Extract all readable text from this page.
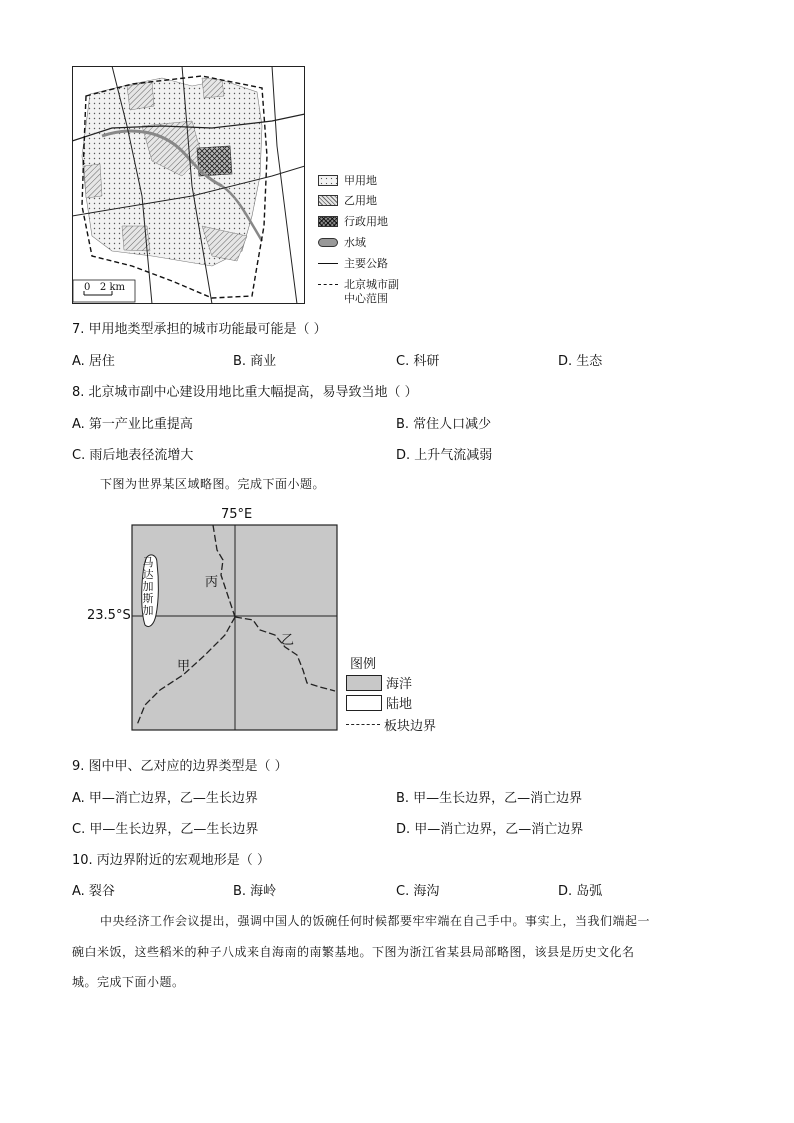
0   2 km
甲用地
乙用地
行政用地
水域
主要公路
北京城市副
中心范围
7. 甲用地类型承担的城市功能最可能是（ ）
A. 居住	B. 商业	C. 科研	D. 生态
8. 北京城市副中心建设用地比重大幅提高，易导致当地（ ）
A. 第一产业比重提高	B. 常住人口减少
C. 雨后地表径流增大	D. 上升气流减弱
下图为世界某区域略图。完成下面小题。
75°E
23.5°S
马
达
加
斯
加
丙
乙
甲	图例
海洋
陆地
板块边界
9. 图中甲、乙对应的边界类型是（ ）
A. 甲—消亡边界，乙—生长边界	B. 甲—生长边界，乙—消亡边界
C. 甲—生长边界，乙—生长边界	D. 甲—消亡边界，乙—消亡边界
10. 丙边界附近的宏观地形是（ ）
A. 裂谷	B. 海岭	C. 海沟	D. 岛弧
中央经济工作会议提出，强调中国人的饭碗任何时候都要牢牢端在自己手中。事实上，当我们端起一
碗白米饭，这些稻米的种子八成来自海南的南繁基地。下图为浙江省某县局部略图，该县是历史文化名
城。完成下面小题。
